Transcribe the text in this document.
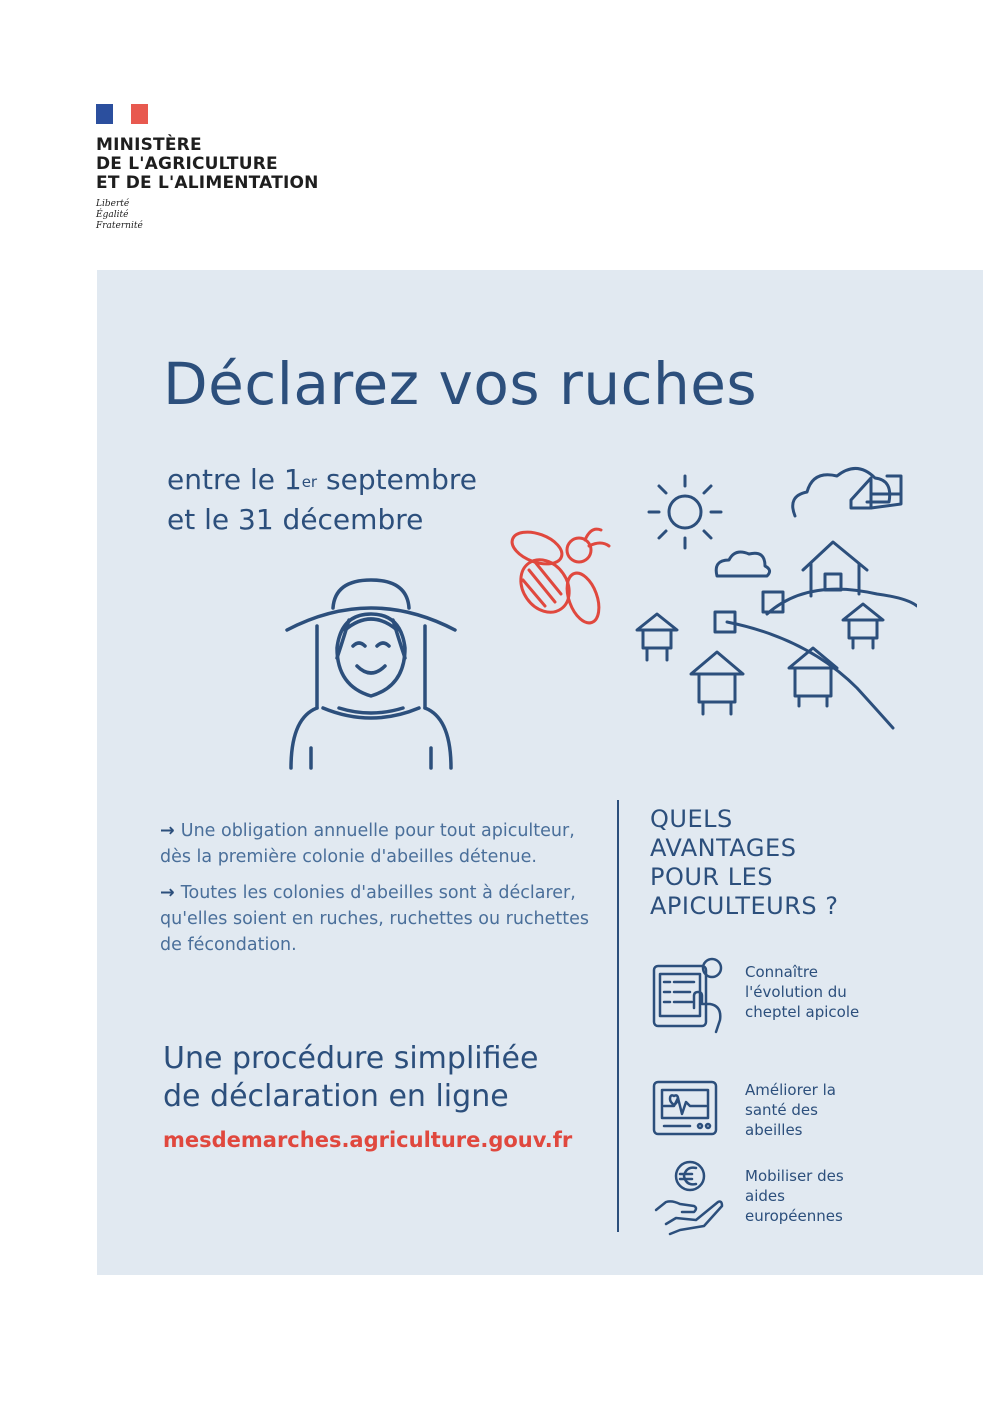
MINISTÈRE
DE L'AGRICULTURE
ET DE L'ALIMENTATION
Liberté
Égalité
Fraternité
Déclarez vos ruches
entre le 1er septembre
et le 31 décembre
→ Une obligation annuelle pour tout apiculteur, dès la première colonie d'abeilles détenue.
→ Toutes les colonies d'abeilles sont à déclarer, qu'elles soient en ruches, ruchettes ou ruchettes de fécondation.
Une procédure simplifiée
de déclaration en ligne
mesdemarches.agriculture.gouv.fr
QUELS
AVANTAGES
POUR LES
APICULTEURS ?
Connaître l'évolution du cheptel apicole
Améliorer la santé des abeilles
Mobiliser des aides européennes
